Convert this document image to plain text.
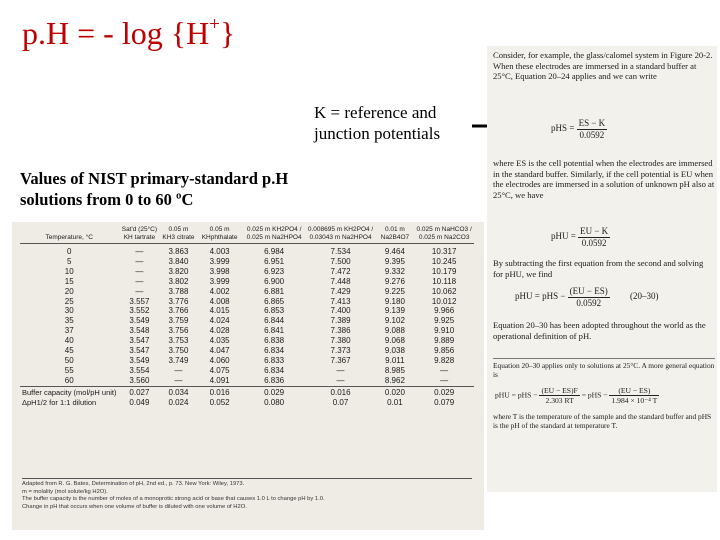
p.H = - log {H+}
K = reference and junction potentials
Values of NIST primary-standard p.H solutions from 0 to 60 ºC
Temperature, °C	Sat'd (25°C) KH tartrate	0.05 m KH3 citrate	0.05 m KHphthalate	0.025 m KH2PO4 / 0.025 m Na2HPO4	0.008695 m KH2PO4 / 0.03043 m Na2HPO4	0.01 m Na2B4O7	0.025 m NaHCO3 / 0.025 m Na2CO3
0	—	3.863	4.003	6.984	7.534	9.464	10.317
5	—	3.840	3.999	6.951	7.500	9.395	10.245
10	—	3.820	3.998	6.923	7.472	9.332	10.179
15	—	3.802	3.999	6.900	7.448	9.276	10.118
20	—	3.788	4.002	6.881	7.429	9.225	10.062
25	3.557	3.776	4.008	6.865	7.413	9.180	10.012
30	3.552	3.766	4.015	6.853	7.400	9.139	9.966
35	3.549	3.759	4.024	6.844	7.389	9.102	9.925
37	3.548	3.756	4.028	6.841	7.386	9.088	9.910
40	3.547	3.753	4.035	6.838	7.380	9.068	9.889
45	3.547	3.750	4.047	6.834	7.373	9.038	9.856
50	3.549	3.749	4.060	6.833	7.367	9.011	9.828
55	3.554	—	4.075	6.834	—	8.985	—
60	3.560	—	4.091	6.836	—	8.962	—
Buffer capacity (mol/pH unit)	0.027	0.034	0.016	0.029	0.016	0.020	0.029
ΔpH1/2 for 1:1 dilution	0.049	0.024	0.052	0.080	0.07	0.01	0.079
Adapted from R. G. Bates, Determination of pH, 2nd ed., p. 73. New York: Wiley, 1973.
m = molality (mol solute/kg H2O).
The buffer capacity is the number of moles of a monoprotic strong acid or base that causes 1.0 L to change pH by 1.0.
Change in pH that occurs when one volume of buffer is diluted with one volume of H2O.
Consider, for example, the glass/calomel system in Figure 20-2. When these electrodes are immersed in a standard buffer at 25°C, Equation 20–24 applies and we can write
pHS = $\frac{ES - K}{0.0592}$
where ES is the cell potential when the electrodes are immersed in the standard buffer. Similarly, if the cell potential is EU when the electrodes are immersed in a solution of unknown pH also at 25°C, we have
pHU = $\frac{EU - K}{0.0592}$
By subtracting the first equation from the second and solving for pHU, we find
pHU = pHS − $\frac{(EU - ES)}{0.0592} (20-30)$
Equation 20–30 has been adopted throughout the world as the operational definition of pH.
Equation 20–30 applies only to solutions at 25°C. A more general equation is
pHU = pHS − $\frac{(EU - ES)F}{2.303 RT}$ = pHS − $\frac{(EU - ES)}{\text{1.984 × 10⁻⁴ T}}$
where T is the temperature of the sample and the standard buffer and pHS is the pH of the standard at temperature T.
